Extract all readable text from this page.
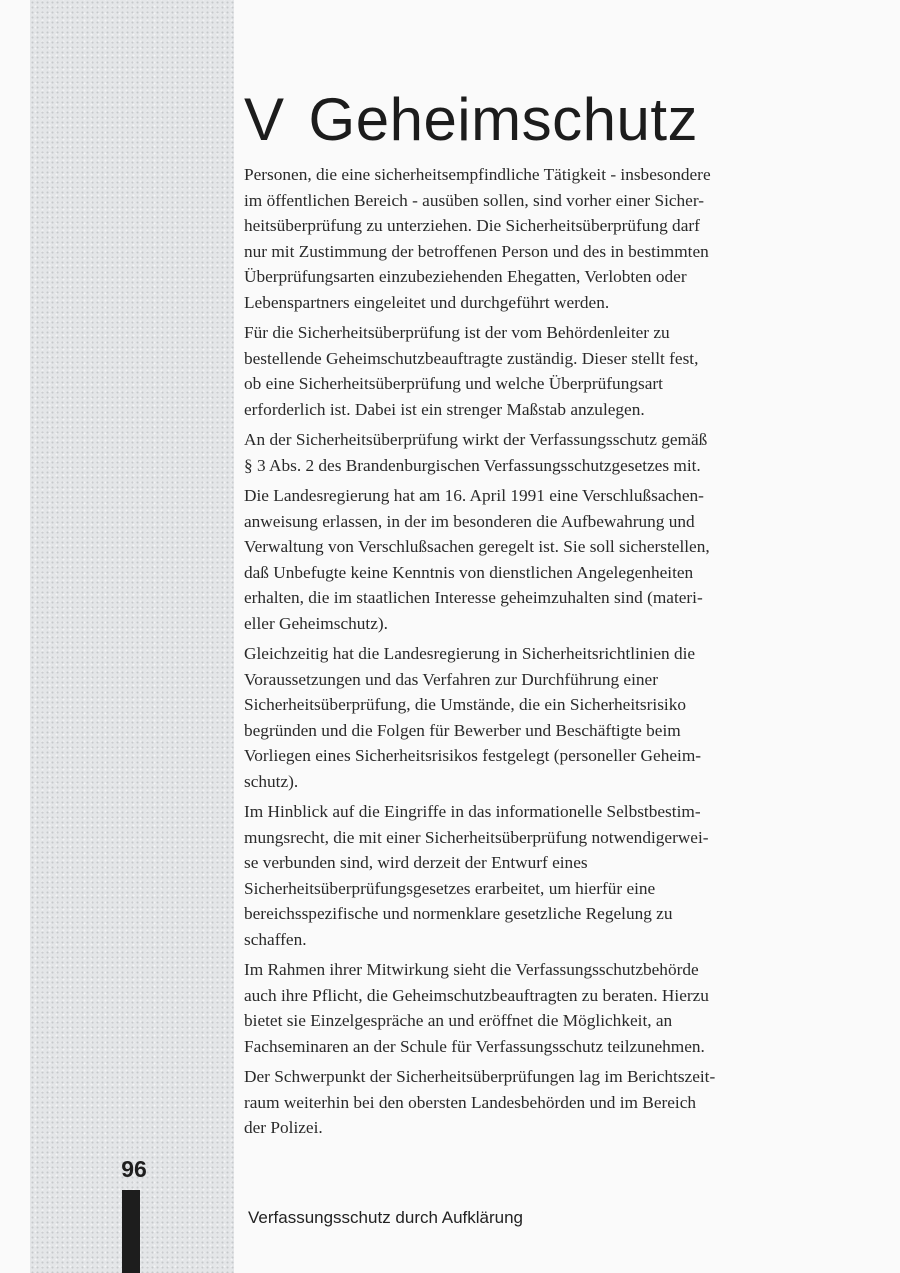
V Geheimschutz

Personen, die eine sicherheitsempfindliche Tätigkeit - insbesondere
im öffentlichen Bereich - ausüben sollen, sind vorher einer Sicher-
heitsüberprüfung zu unterziehen. Die Sicherheitsüberprüfung darf
nur mit Zustimmung der betroffenen Person und des in bestimmten
Überprüfungsarten einzubeziehenden Ehegatten, Verlobten oder
Lebenspartners eingeleitet und durchgeführt werden.

Für die Sicherheitsüberprüfung ist der vom Behördenleiter zu
bestellende Geheimschutzbeauftragte zuständig. Dieser stellt fest,
ob eine Sicherheitsüberprüfung und welche Überprüfungsart
erforderlich ist. Dabei ist ein strenger Maßstab anzulegen.

An der Sicherheitsüberprüfung wirkt der Verfassungsschutz gemäß
§ 3 Abs. 2 des Brandenburgischen Verfassungsschutzgesetzes mit.

Die Landesregierung hat am 16. April 1991 eine Verschlußsachen-
anweisung erlassen, in der im besonderen die Aufbewahrung und
Verwaltung von Verschlußsachen geregelt ist. Sie soll sicherstellen,
daß Unbefugte keine Kenntnis von dienstlichen Angelegenheiten
erhalten, die im staatlichen Interesse geheimzuhalten sind (materi-
eller Geheimschutz).

Gleichzeitig hat die Landesregierung in Sicherheitsrichtlinien die
Voraussetzungen und das Verfahren zur Durchführung einer
Sicherheitsüberprüfung, die Umstände, die ein Sicherheitsrisiko
begründen und die Folgen für Bewerber und Beschäftigte beim
Vorliegen eines Sicherheitsrisikos festgelegt (personeller Geheim-
schutz).

Im Hinblick auf die Eingriffe in das informationelle Selbstbestim-
mungsrecht, die mit einer Sicherheitsüberprüfung notwendigerwei-
se verbunden sind, wird derzeit der Entwurf eines
Sicherheitsüberprüfungsgesetzes erarbeitet, um hierfür eine
bereichsspezifische und normenklare gesetzliche Regelung zu
schaffen.

Im Rahmen ihrer Mitwirkung sieht die Verfassungsschutzbehörde
auch ihre Pflicht, die Geheimschutzbeauftragten zu beraten. Hierzu
bietet sie Einzelgespräche an und eröffnet die Möglichkeit, an
Fachseminaren an der Schule für Verfassungsschutz teilzunehmen.

Der Schwerpunkt der Sicherheitsüberprüfungen lag im Berichtszeit-
raum weiterhin bei den obersten Landesbehörden und im Bereich
der Polizei.

96
Verfassungsschutz durch Aufklärung
